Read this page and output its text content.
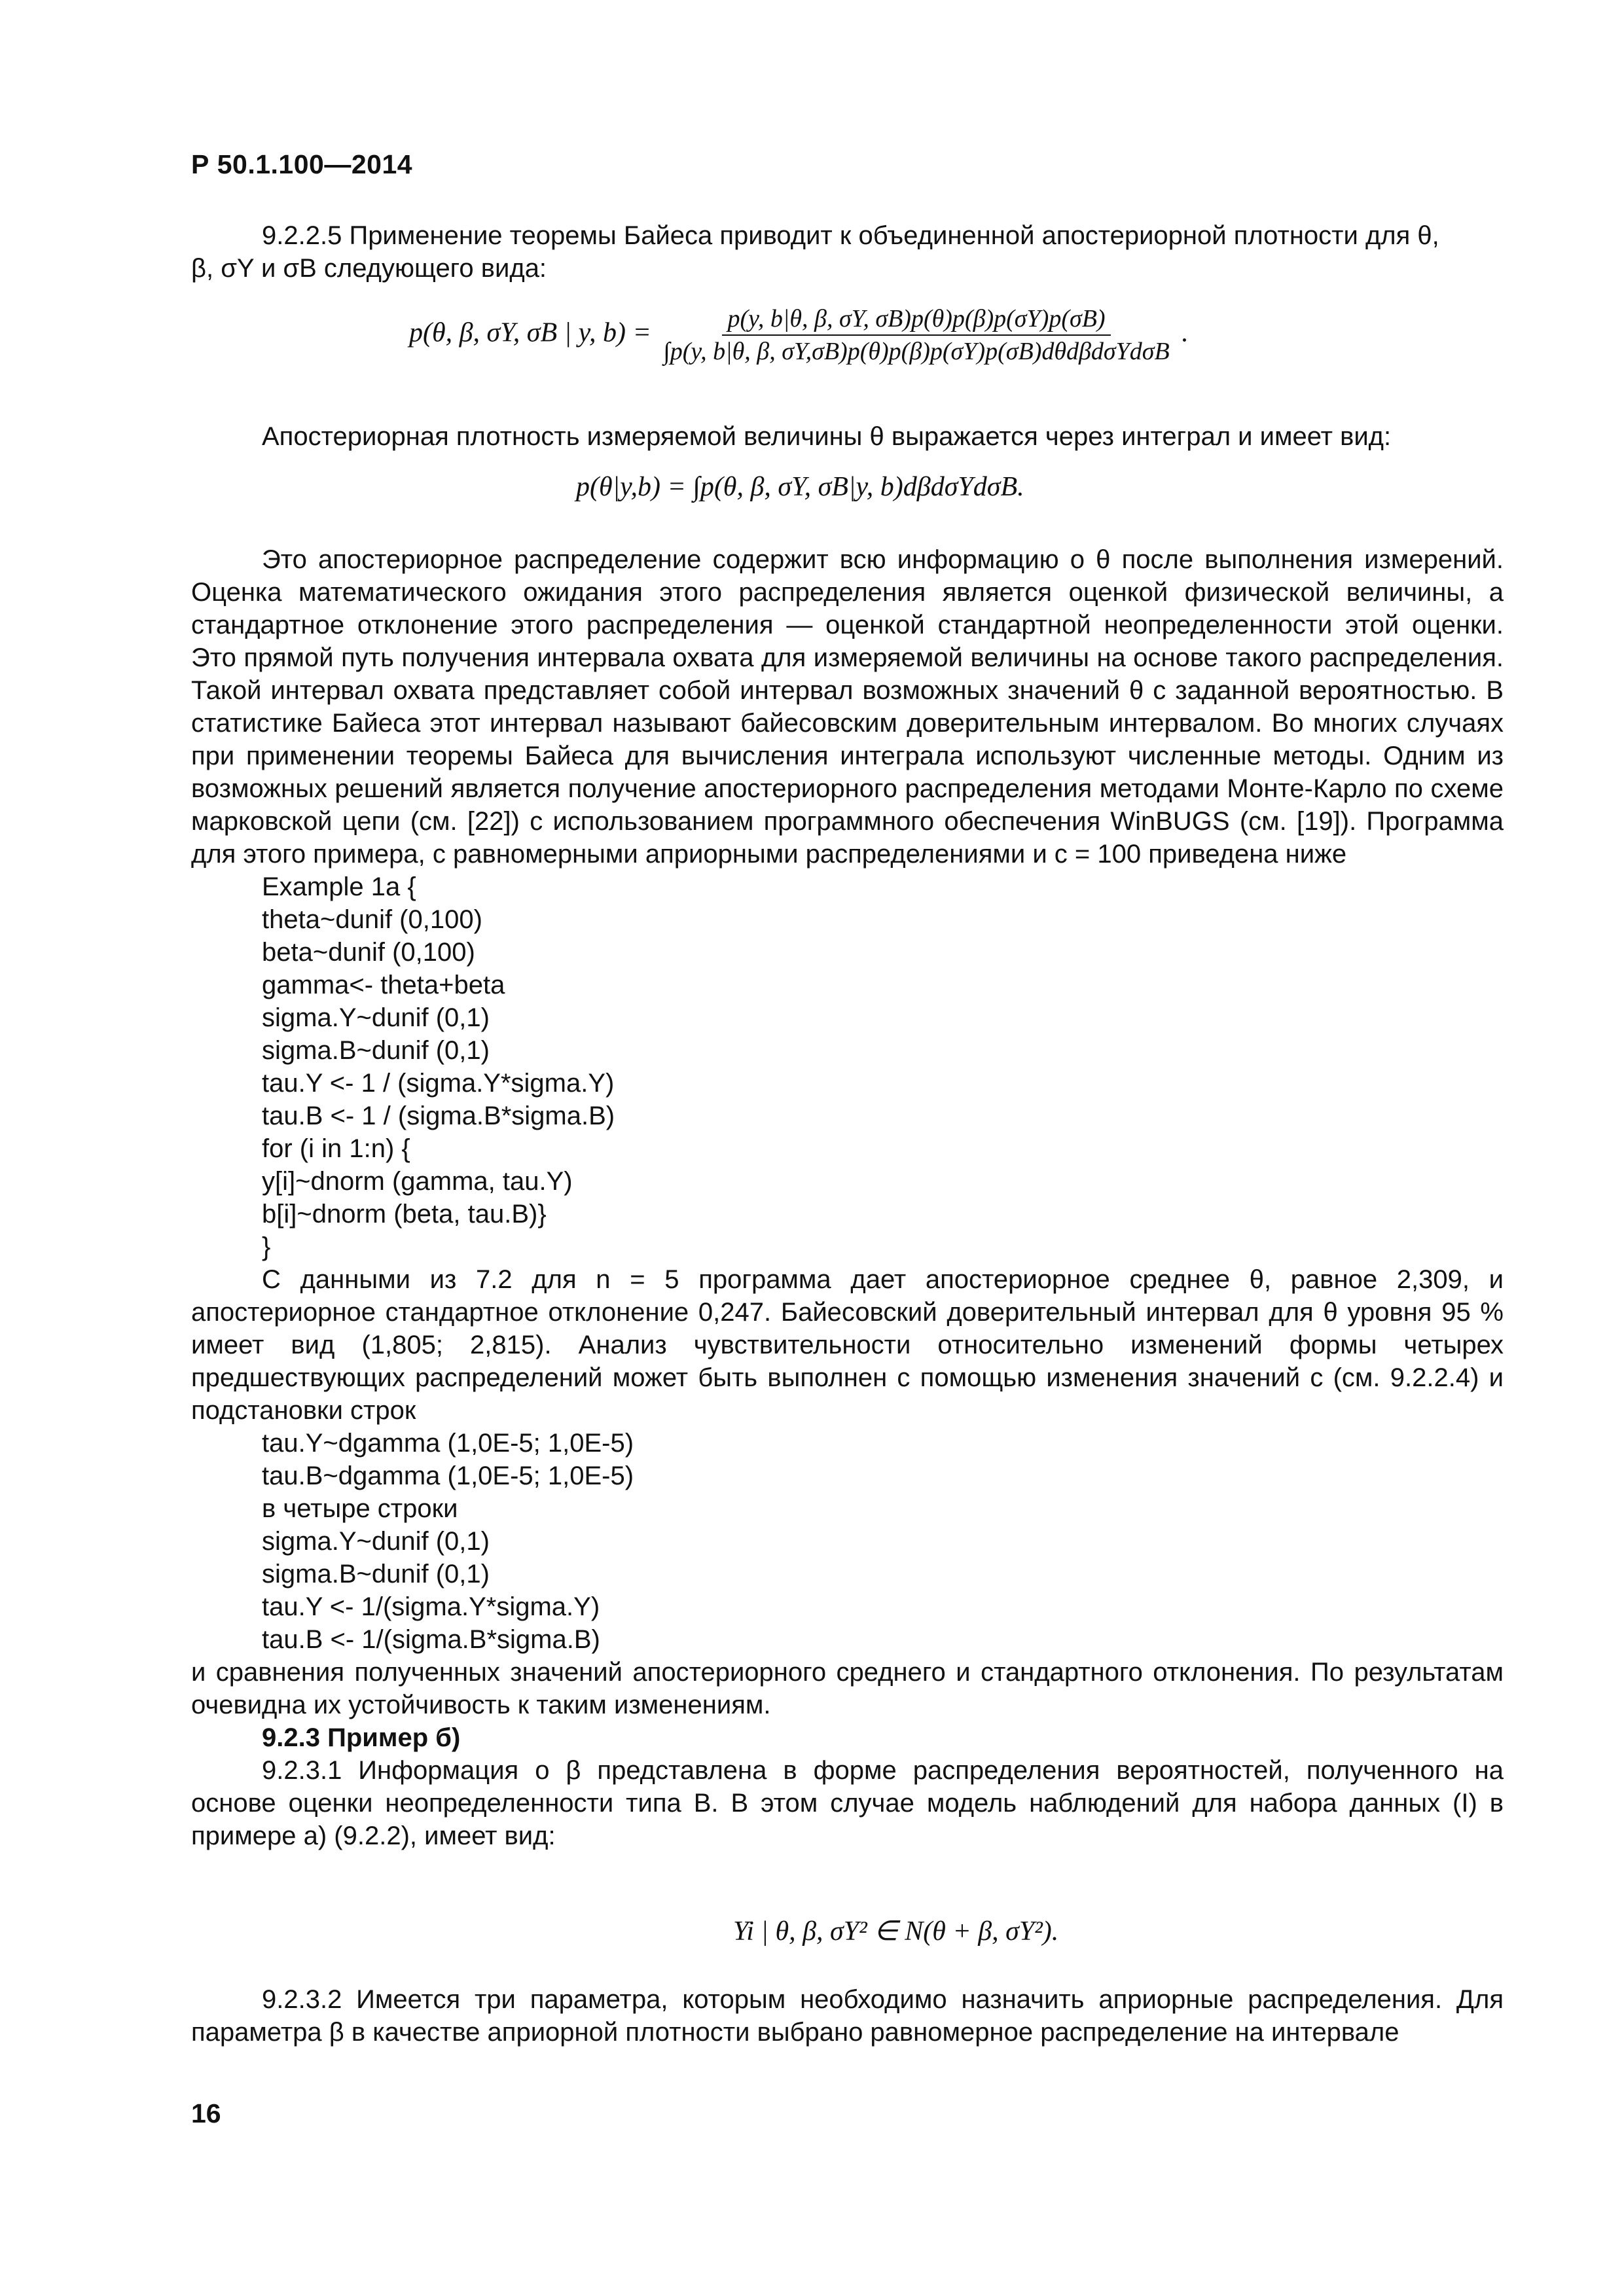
Р 50.1.100—2014

9.2.2.5 Применение теоремы Байеса приводит к объединенной апостериорной плотности для θ,

β, σY и σB следующего вида:

p(θ, β, σY, σB | y, $b) = \frac{p(y, b|\theta, \beta, \sigma Y, \sigma B)p(\theta)p(\beta)p(\sigma Y)p(\sigma B)}{\text{∫p(y, b|θ, β, σY,σB)p(θ)p(β)p(σY)p(σB)dθdβdσYdσB}}$ .

Апостериорная плотность измеряемой величины θ выражается через интеграл и имеет вид:

p(θ|y,b) = ∫p(θ, β, σY, σB|y, b)dβdσYdσB.

Это апостериорное распределение содержит всю информацию о θ после выполнения измерений. Оценка математического ожидания этого распределения является оценкой физической величины, а стандартное отклонение этого распределения — оценкой стандартной неопределенности этой оценки. Это прямой путь получения интервала охвата для измеряемой величины на основе такого распределения. Такой интервал охвата представляет собой интервал возможных значений θ с заданной вероятностью. В статистике Байеса этот интервал называют байесовским доверительным интервалом. Во многих случаях при применении теоремы Байеса для вычисления интеграла используют численные методы. Одним из возможных решений является получение апостериорного распределения методами Монте-Карло по схеме марковской цепи (см. [22]) с использованием программного обеспечения WinBUGS (см. [19]). Программа для этого примера, с равномерными априорными распределениями и c = 100 приведена ниже

Example 1a {
theta~dunif (0,100)
beta~dunif (0,100)
gamma<- theta+beta
sigma.Y~dunif (0,1)
sigma.B~dunif (0,1)
tau.Y <- 1 / (sigma.Y*sigma.Y)
tau.B <- 1 / (sigma.B*sigma.B)
for (i in 1:n) {
y[i]~dnorm (gamma, tau.Y)
b[i]~dnorm (beta, tau.B)}
}

С данными из 7.2 для n = 5 программа дает апостериорное среднее θ, равное 2,309, и апостериорное стандартное отклонение 0,247. Байесовский доверительный интервал для θ уровня 95 % имеет вид (1,805; 2,815). Анализ чувствительности относительно изменений формы четырех предшествующих распределений может быть выполнен с помощью изменения значений c (см. 9.2.2.4) и подстановки строк

tau.Y~dgamma (1,0E-5; 1,0E-5)
tau.B~dgamma (1,0E-5; 1,0E-5)
в четыре строки
sigma.Y~dunif (0,1)
sigma.B~dunif (0,1)
tau.Y <- 1/(sigma.Y*sigma.Y)
tau.B <- 1/(sigma.B*sigma.B)

и сравнения полученных значений апостериорного среднего и стандартного отклонения. По результатам очевидна их устойчивость к таким изменениям.

9.2.3 Пример б)

9.2.3.1 Информация о β представлена в форме распределения вероятностей, полученного на основе оценки неопределенности типа В. В этом случае модель наблюдений для набора данных (I) в примере а) (9.2.2), имеет вид:

Yi | θ, β, σY² ∈ N(θ + β, σY²).

9.2.3.2 Имеется три параметра, которым необходимо назначить априорные распределения. Для параметра β в качестве априорной плотности выбрано равномерное распределение на интервале

16
